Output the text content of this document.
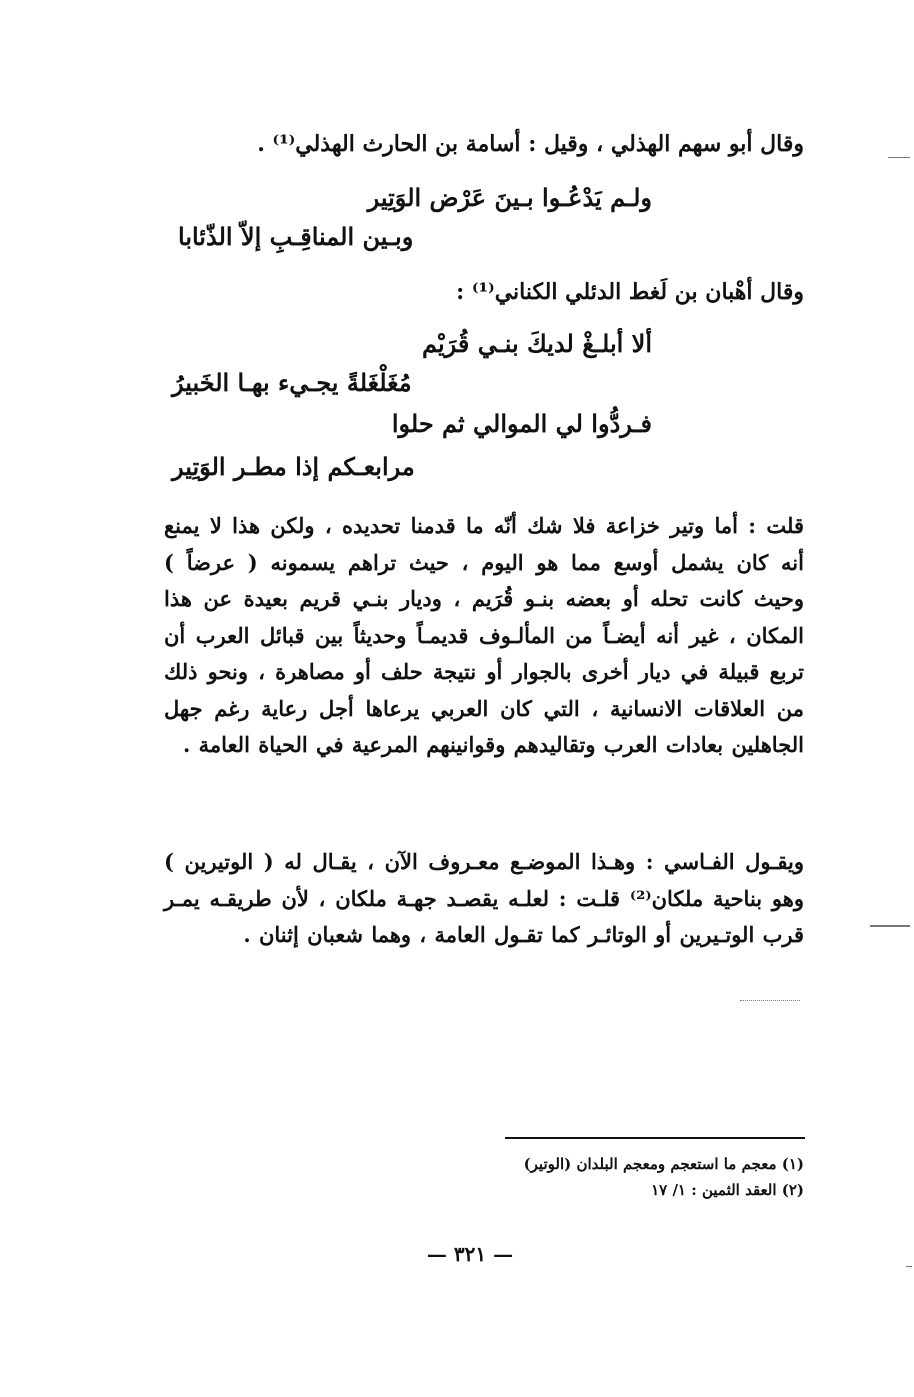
وقال أبو سهم الهذلي ، وقيل : أسامة بن الحارث الهذلي⁽¹⁾ .
ولـم يَدْعُـوا بـينَ عَرْض الوَتِير
وبـين المناقِـبِ إلاّ الذّئابا
وقال أهْبان بن لَغط الدئلي الكناني⁽¹⁾ :
ألا أبلـغْ لديكَ بنـي قُرَيْم
مُغَلْغَلةً يجـيء بهـا الخَبيرُ
فـردُّوا لي الموالي ثم حلوا
مرابعـكم إذا مطـر الوَتِير
قلت : أما وتير خزاعة فلا شك أنّه ما قدمنا تحديده ، ولكن هذا لا يمنع أنه كان يشمل أوسع مما هو اليوم ، حيث تراهم يسمونه ( عرضاً ) وحيث كانت تحله أو بعضه بنـو قُرَيم ، وديار بنـي قريم بعيدة عن هذا المكان ، غير أنه أيضـاً من المألـوف قديمـاً وحديثاً بين قبائل العرب أن تربع قبيلة في ديار أخرى بالجوار أو نتيجة حلف أو مصاهرة ، ونحو ذلك من العلاقات الانسانية ، التي كان العربي يرعاها أجل رعاية رغم جهل الجاهلين بعادات العرب وتقاليدهم وقوانينهم المرعية في الحياة العامة .
ويقـول الفـاسي : وهـذا الموضـع معـروف الآن ، يقـال له ( الوتيرين ) وهو بناحية ملكان⁽²⁾ قلـت : لعلـه يقصـد جهـة ملكان ، لأن طريقـه يمـر قرب الوتـيرين أو الوتائـر كما تقـول العامة ، وهما شعبان إثنان .
(١) معجم ما استعجم ومعجم البلدان (الوتير)
(٢) العقد الثمين : ١/ ١٧
— ٣٢١ —
